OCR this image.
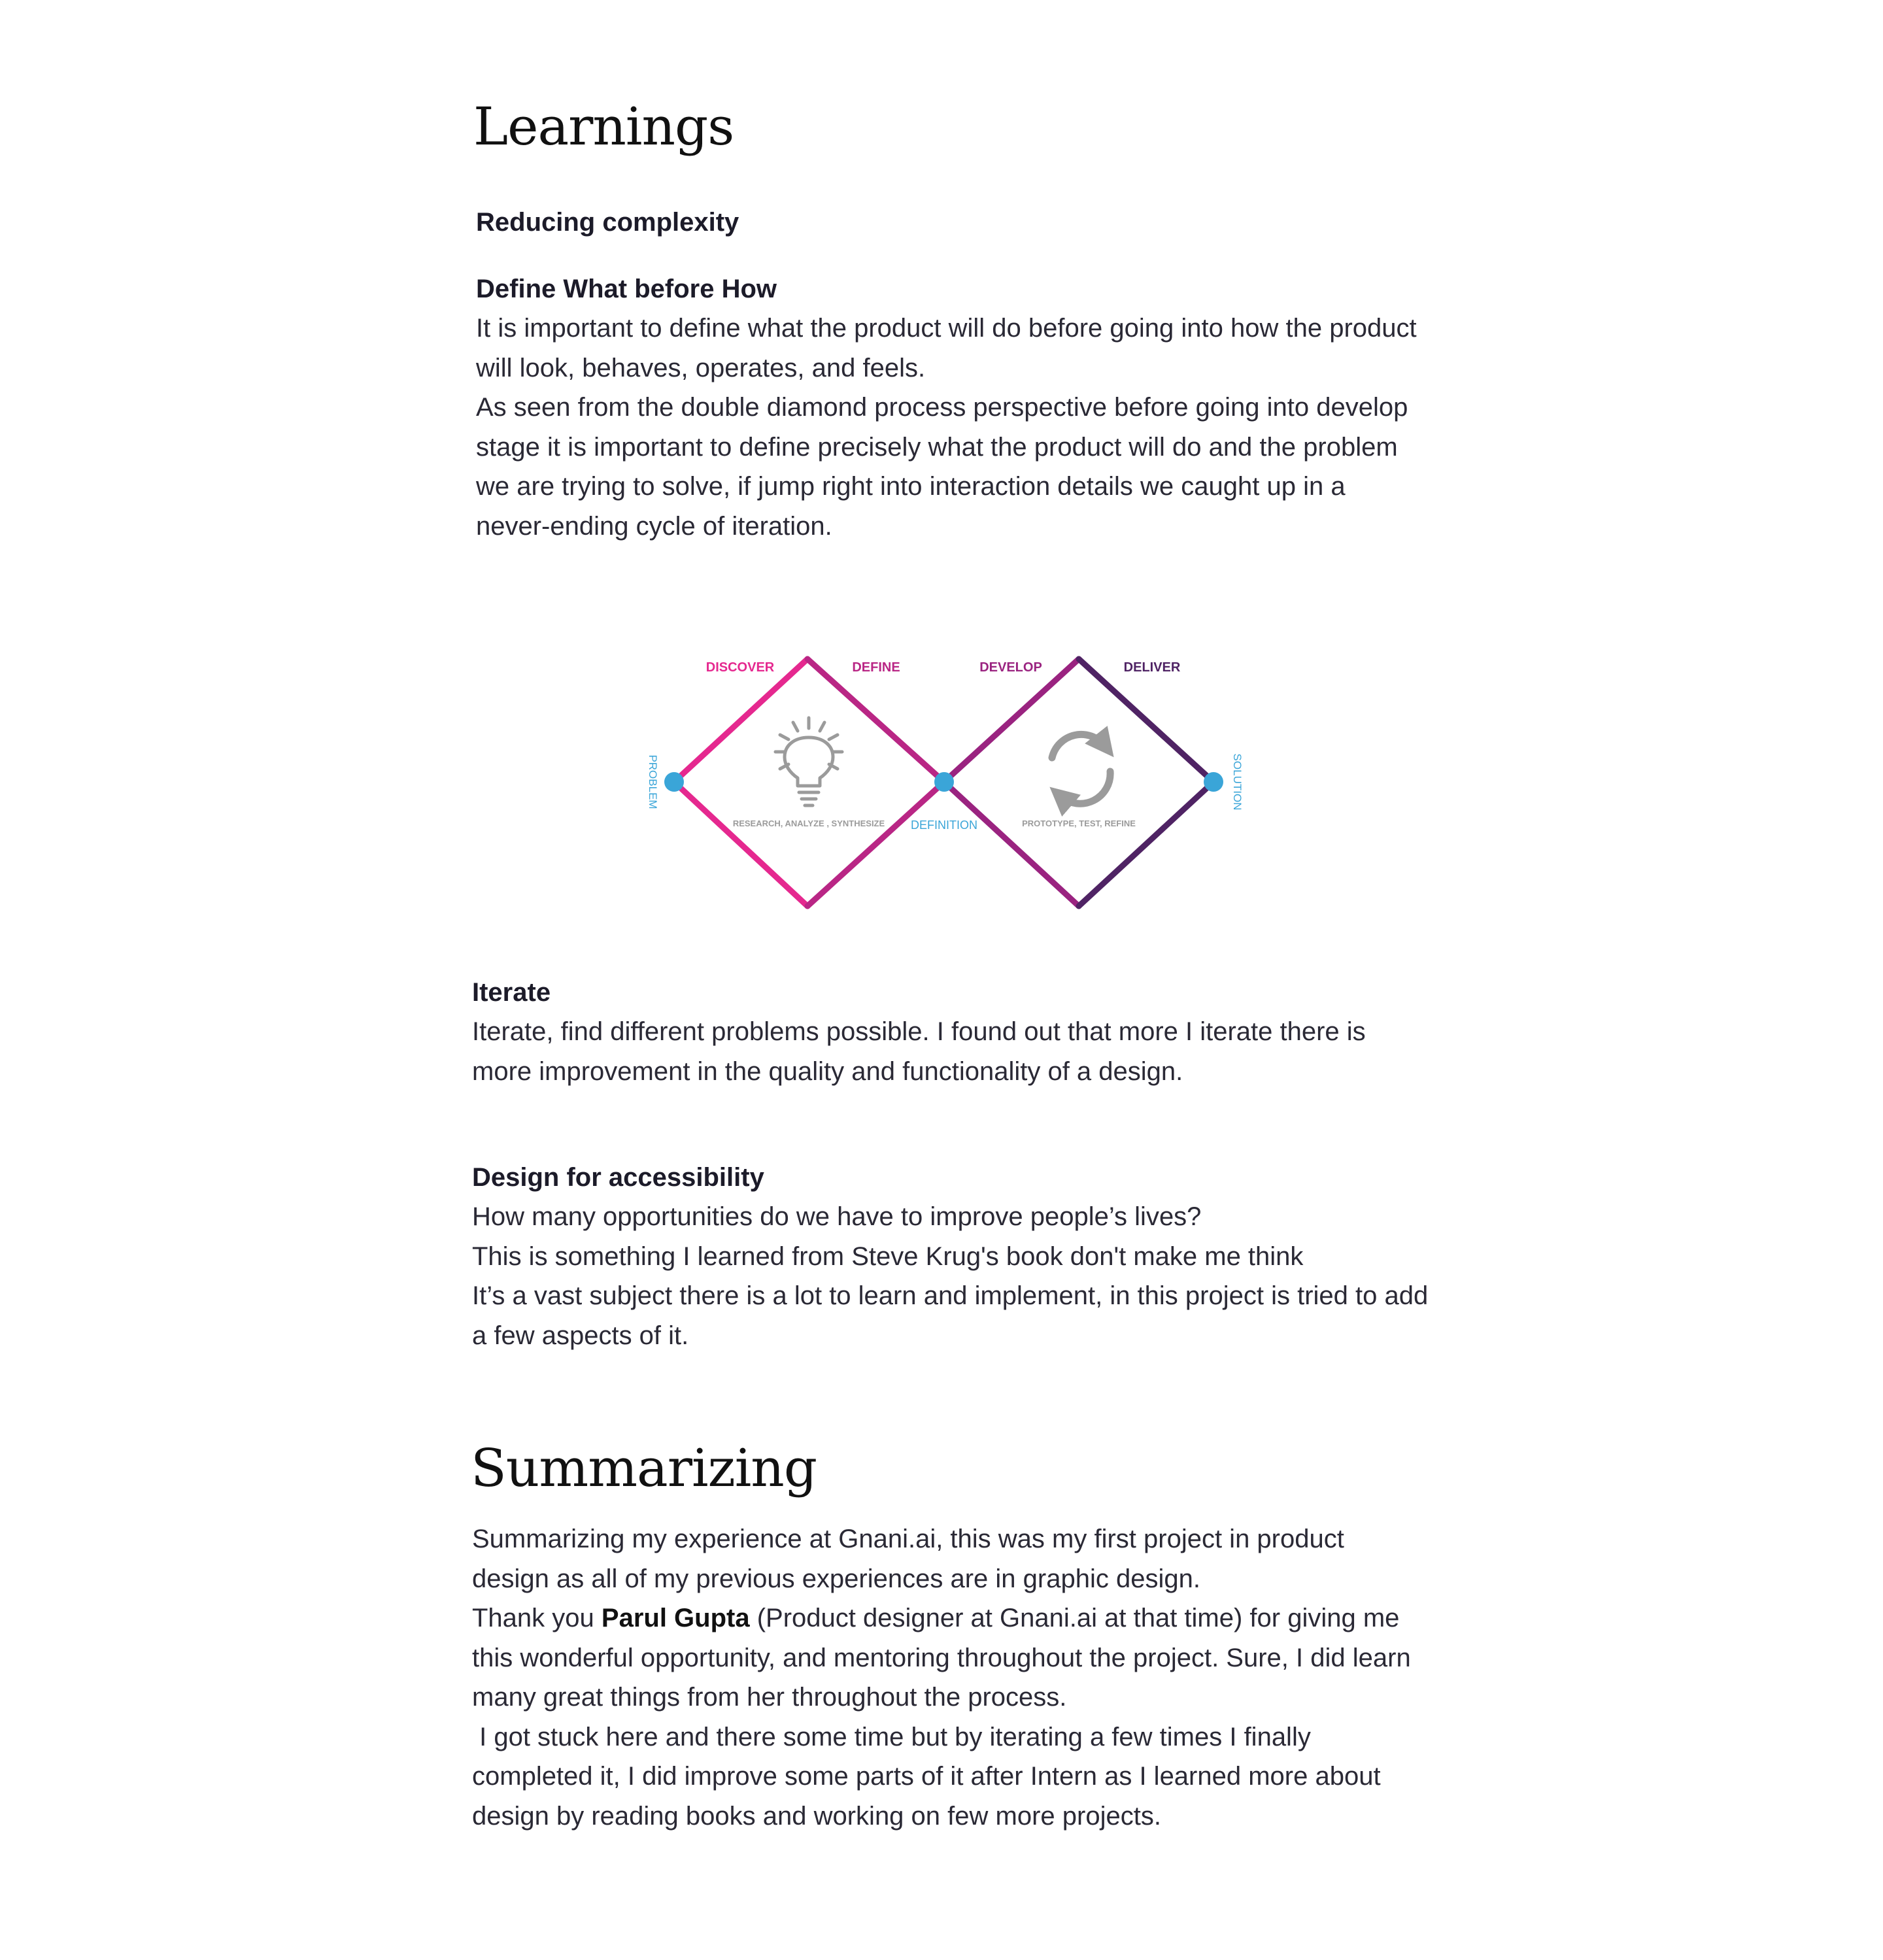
Learnings
Reducing complexity
Define What before How
It is important to define what the product will do before going into how the product
will look, behaves, operates, and feels.
As seen from the double diamond process perspective before going into develop
stage it is important to define precisely what the product will do and the problem
we are trying to solve, if jump right into interaction details we caught up in a
never-ending cycle of iteration.
DISCOVER	DEFINE	DEVELOP	DELIVER
PROBLEM
DEFINITION
SOLUTION
RESEARCH, ANALYZE , SYNTHESIZE	PROTOTYPE, TEST, REFINE
Iterate
Iterate, find different problems possible. I found out that more I iterate there is
more improvement in the quality and functionality of a design.
Design for accessibility
How many opportunities do we have to improve people’s lives?
This is something I learned from Steve Krug's book don't make me think
It’s a vast subject there is a lot to learn and implement, in this project is tried to add
a few aspects of it.
Summarizing
Summarizing my experience at Gnani.ai, this was my first project in product
design as all of my previous experiences are in graphic design.
Thank you Parul Gupta (Product designer at Gnani.ai at that time) for giving me
this wonderful opportunity, and mentoring throughout the project. Sure, I did learn
many great things from her throughout the process.
I got stuck here and there some time but by iterating a few times I finally
completed it, I did improve some parts of it after Intern as I learned more about
design by reading books and working on few more projects.
